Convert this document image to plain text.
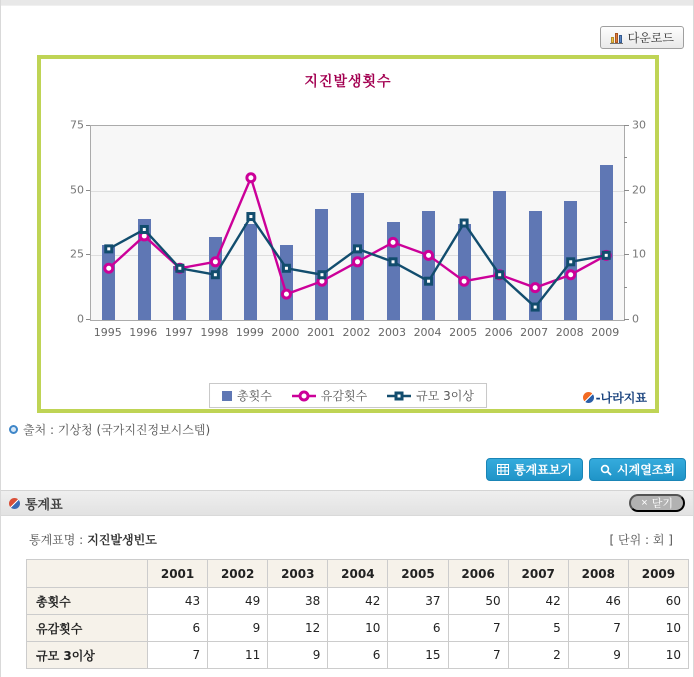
다운로드
지진발생횟수
총횟수	유감횟수	규모 3이상	-나라지표
0
25
50
75
0
10
20
30
1995 1996 1997 1998 1999 2000 2001 2002 2003 2004 2005 2006 2007 2008 2009
출처 : 기상청 (국가지진정보시스템)
통계표보기	시계열조회
통계표	× 닫기
통계표명 : 지진발생빈도	[ 단위 : 회 ]
	2001	2002	2003	2004	2005	2006	2007	2008	2009
총횟수	43	49	38	42	37	50	42	46	60
유감횟수	6	9	12	10	6	7	5	7	10
규모 3이상	7	11	9	6	15	7	2	9	10
